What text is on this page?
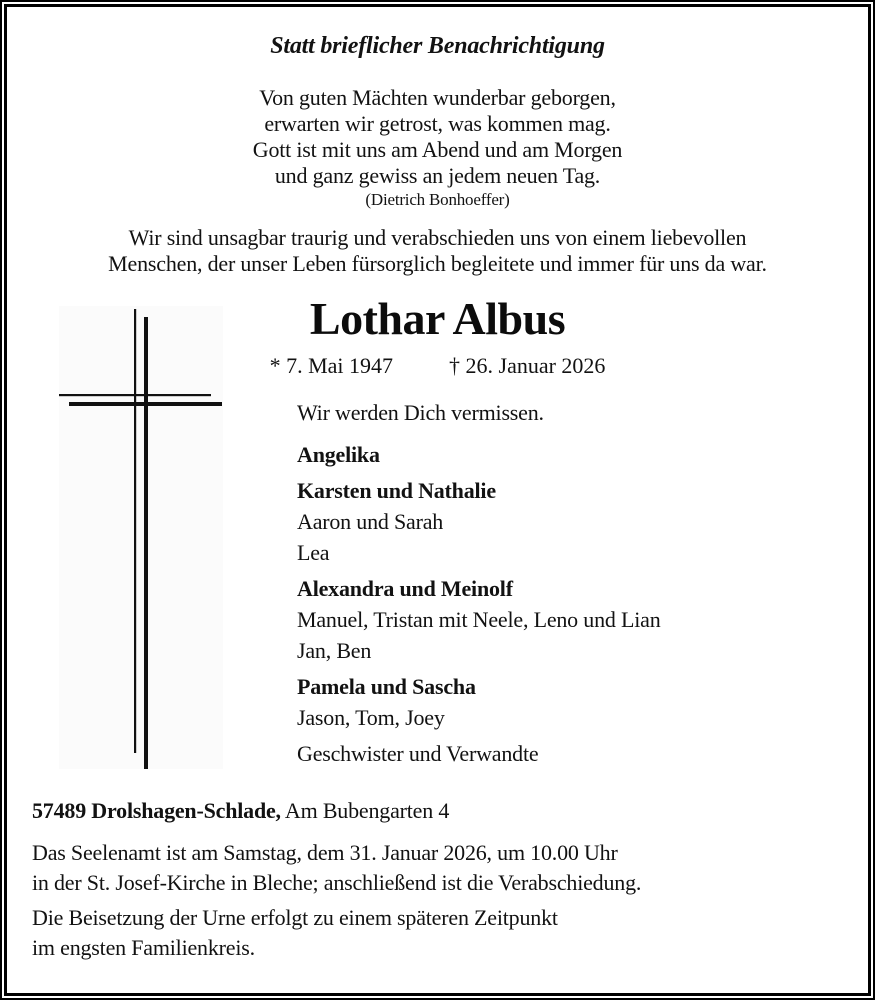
Statt brieflicher Benachrichtigung
Von guten Mächten wunderbar geborgen,
erwarten wir getrost, was kommen mag.
Gott ist mit uns am Abend und am Morgen
und ganz gewiss an jedem neuen Tag.
(Dietrich Bonhoeffer)
Wir sind unsagbar traurig und verabschieden uns von einem liebevollen
Menschen, der unser Leben fürsorglich begleitete und immer für uns da war.
Lothar Albus
* 7. Mai 1947	† 26. Januar 2026
Wir werden Dich vermissen.
Angelika
Karsten und Nathalie
Aaron und Sarah
Lea
Alexandra und Meinolf
Manuel, Tristan mit Neele, Leno und Lian
Jan, Ben
Pamela und Sascha
Jason, Tom, Joey
Geschwister und Verwandte

57489 Drolshagen-Schlade, Am Bubengarten 4

Das Seelenamt ist am Samstag, dem 31. Januar 2026, um 10.00 Uhr
in der St. Josef-Kirche in Bleche; anschließend ist die Verabschiedung.

Die Beisetzung der Urne erfolgt zu einem späteren Zeitpunkt
im engsten Familienkreis.
